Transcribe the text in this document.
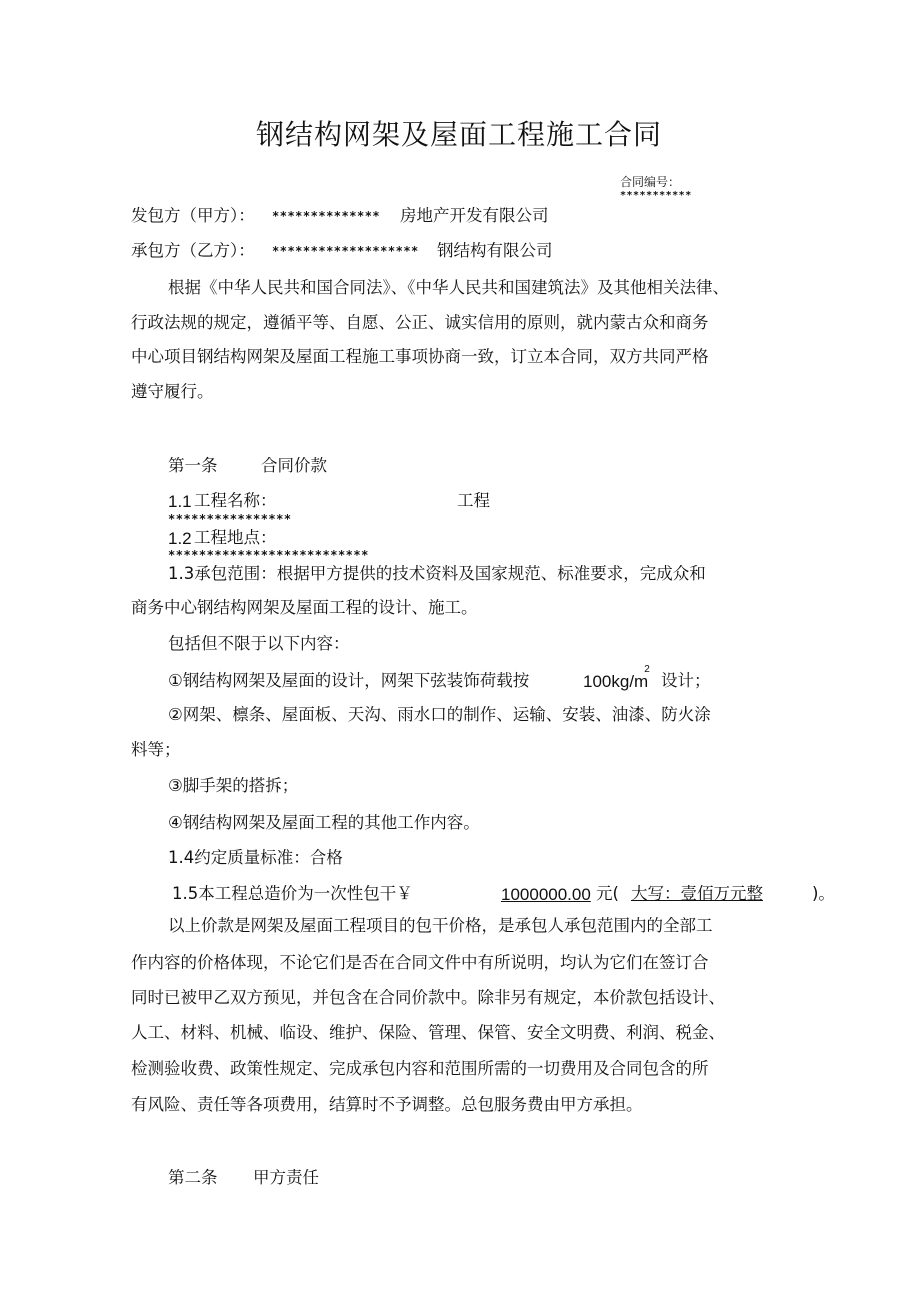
钢结构网架及屋面工程施工合同
合同编号：
***********
发包方（甲方）： ************** 房地产开发有限公司
承包方（乙方）： ******************* 钢结构有限公司
根据《中华人民共和国合同法》、《中华人民共和国建筑法》及其他相关法律、
行政法规的规定，遵循平等、自愿、公正、诚实信用的原则，就内蒙古众和商务
中心项目钢结构网架及屋面工程施工事项协商一致，订立本合同，双方共同严格
遵守履行。
第一条	合同价款
1.1 工程名称：	工程
****************
1.2 工程地点：
**************************
1.3承包范围：根据甲方提供的技术资料及国家规范、标准要求，完成众和
商务中心钢结构网架及屋面工程的设计、施工。
包括但不限于以下内容：
①钢结构网架及屋面的设计，网架下弦装饰荷载按	$100kg/m^2$
设计；
②网架、檩条、屋面板、天沟、雨水口的制作、运输、安装、油漆、防火涂
料等；
③脚手架的搭拆；
④钢结构网架及屋面工程的其他工作内容。
1.4约定质量标准：合格
1.5本工程总造价为一次性包干￥	1000000.00 元( 大写：壹佰万元整	)。
以上价款是网架及屋面工程项目的包干价格，是承包人承包范围内的全部工
作内容的价格体现，不论它们是否在合同文件中有所说明，均认为它们在签订合
同时已被甲乙双方预见，并包含在合同价款中。除非另有规定，本价款包括设计、
人工、材料、机械、临设、维护、保险、管理、保管、安全文明费、利润、税金、
检测验收费、政策性规定、完成承包内容和范围所需的一切费用及合同包含的所
有风险、责任等各项费用，结算时不予调整。总包服务费由甲方承担。
第二条 甲方责任
